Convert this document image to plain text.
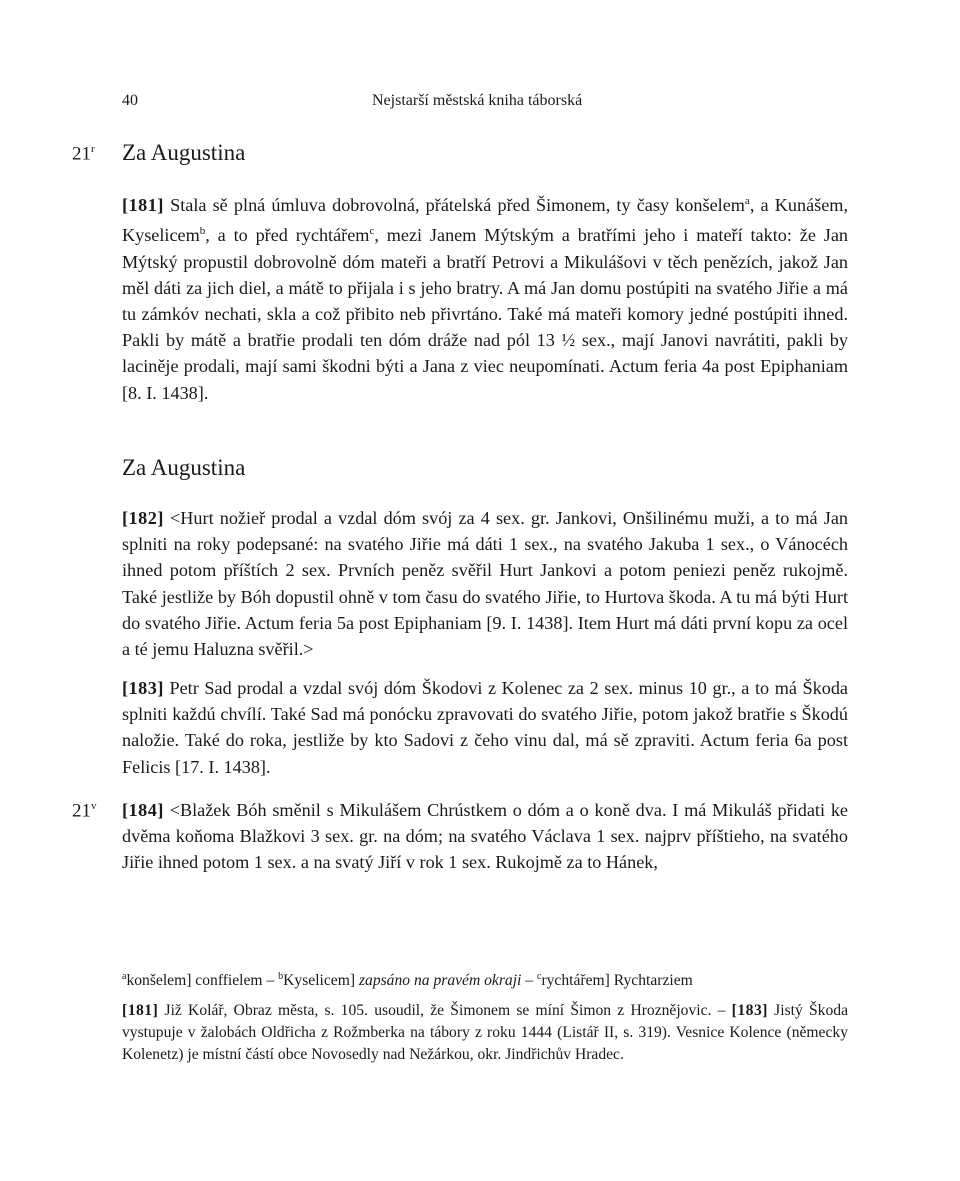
40	Nejstarší městská kniha táborská
21$^r$ Za Augustina

[181] Stala sě plná úmluva dobrovolná, přátelská před Šimonem, ty časy konšelem$^a$, a Kunášem, Kyselicem$^b$, a to před rychtářem$^c$, mezi Janem Mýtským a bratřími jeho i mateří takto: že Jan Mýtský propustil dobrovolně dóm mateři a bratří Petrovi a Mikulášovi v těch penězích, jakož Jan měl dáti za jich diel, a mátě to přijala i s jeho bratry. A má Jan domu postúpiti na svatého Jiřie a má tu zámkóv nechati, skla a což přibito neb přivrtáno. Také má mateři komory jedné postúpiti ihned. Pakli by mátě a bratřie prodali ten dóm dráže nad pól 13 ½ sex., mají Janovi navrátiti, pakli by laciněje prodali, mají sami škodni býti a Jana z viec neupomínati. Actum feria 4a post Epiphaniam [8. I. 1438].

Za Augustina

[182] <Hurt nožieř prodal a vzdal dóm svój za 4 sex. gr. Jankovi, Onšilinému muži, a to má Jan splniti na roky podepsané: na svatého Jiřie má dáti 1 sex., na svatého Jakuba 1 sex., o Vánocéch ihned potom příštích 2 sex. Prvních peněz svěřil Hurt Jankovi a potom peniezi peněz rukojmě. Také jestliže by Bóh dopustil ohně v tom času do svatého Jiřie, to Hurtova škoda. A tu má býti Hurt do svatého Jiřie. Actum feria 5a post Epiphaniam [9. I. 1438]. Item Hurt má dáti první kopu za ocel a té jemu Haluzna svěřil.>

[183] Petr Sad prodal a vzdal svój dóm Škodovi z Kolenec za 2 sex. minus 10 gr., a to má Škoda splniti každú chvílí. Také Sad má ponócku zpravovati do svatého Jiřie, potom jakož bratřie s Škodú naložie. Také do roka, jestliže by kto Sadovi z čeho vinu dal, má sě zpraviti. Actum feria 6a post Felicis [17. I. 1438].

21$^v$ [184] <Blažek Bóh směnil s Mikulášem Chrústkem o dóm a o koně dva. I má Mikuláš přidati ke dvěma koňoma Blažkovi 3 sex. gr. na dóm; na svatého Václava 1 sex. najprv příštieho, na svatého Jiřie ihned potom 1 sex. a na svatý Jiří v rok 1 sex. Rukojmě za to Hánek,

$^a$konšelem] conffielem – $^b$Kyselicem] zapsáno na pravém okraji – $^c$rychtářem] Rychtarziem

[181] Již Kolář, Obraz města, s. 105. usoudil, že Šimonem se míní Šimon z Hroznějovic. – [183] Jistý Škoda vystupuje v žalobách Oldřicha z Rožmberka na tábory z roku 1444 (Listář II, s. 319). Vesnice Kolence (německy Kolenetz) je místní částí obce Novosedly nad Nežárkou, okr. Jindřichův Hradec.
